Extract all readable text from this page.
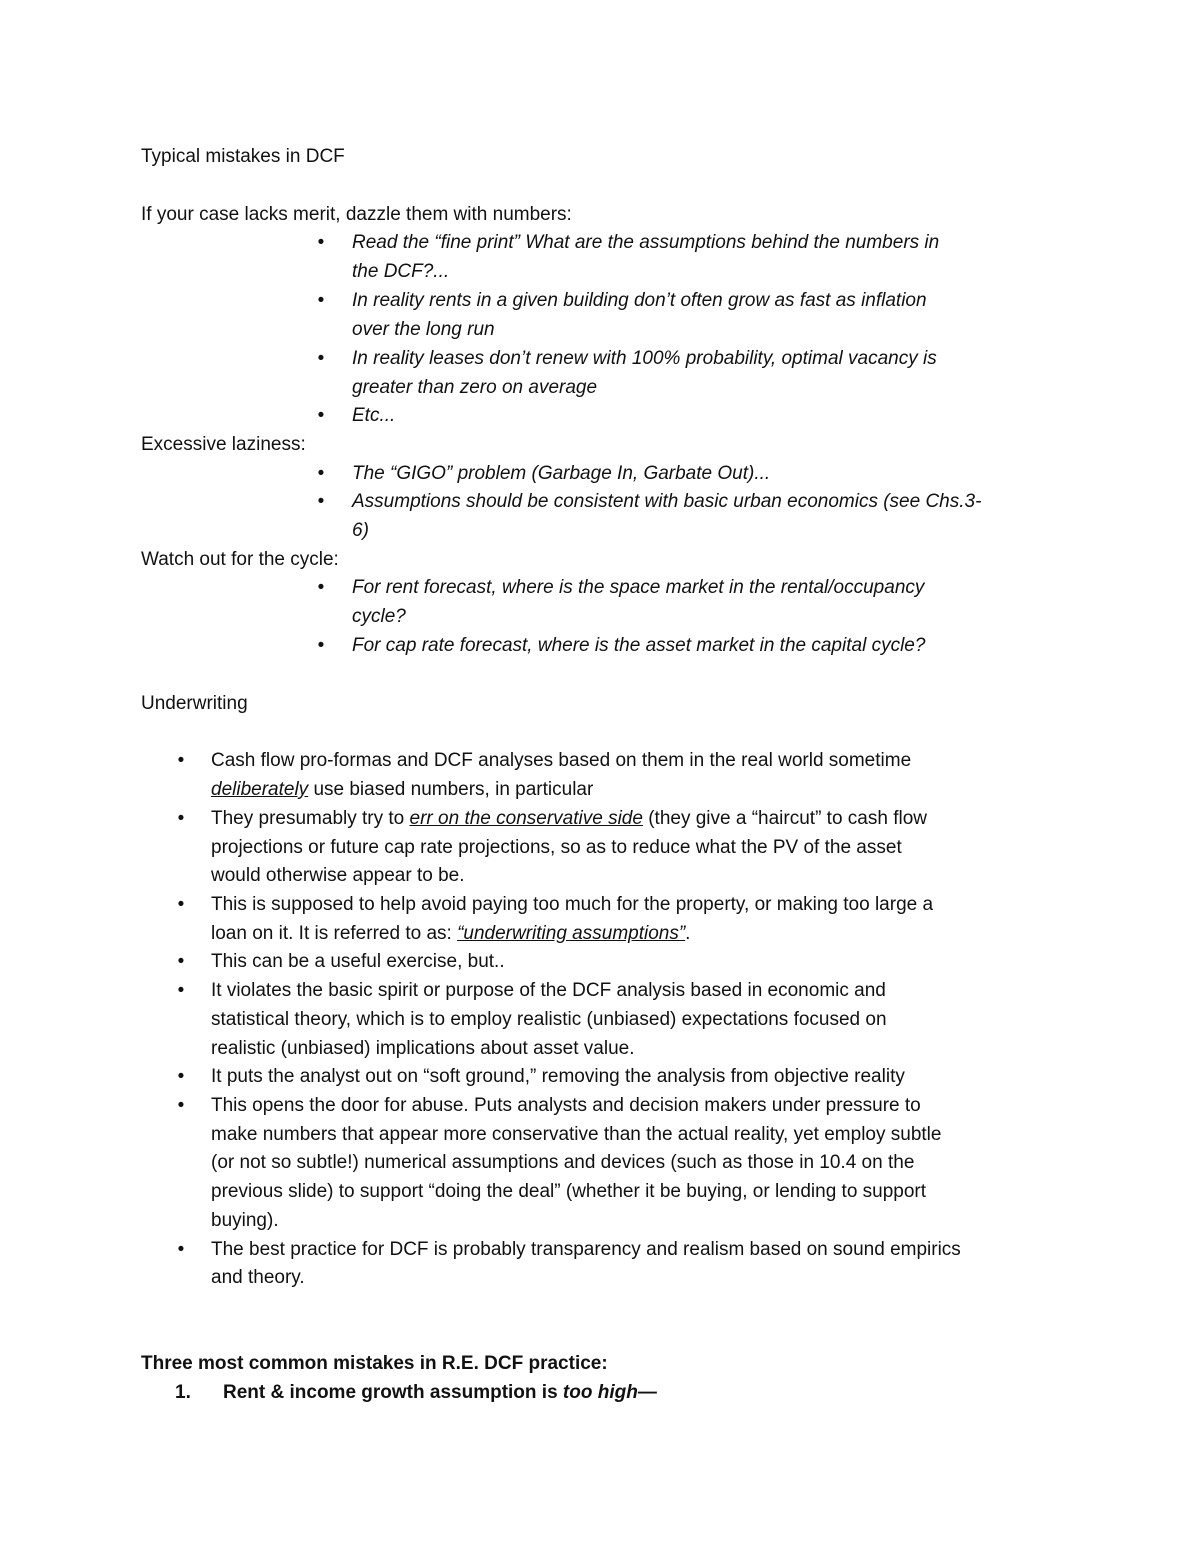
Typical mistakes in DCF
If your case lacks merit, dazzle them with numbers:
• Read the “fine print” What are the assumptions behind the numbers in
the DCF?...
• In reality rents in a given building don’t often grow as fast as inflation
over the long run
• In reality leases don’t renew with 100% probability, optimal vacancy is
greater than zero on average
• Etc...
Excessive laziness:
• The “GIGO” problem (Garbage In, Garbate Out)...
• Assumptions should be consistent with basic urban economics (see Chs.3-
6)
Watch out for the cycle:
• For rent forecast, where is the space market in the rental/occupancy
cycle?
• For cap rate forecast, where is the asset market in the capital cycle?
Underwriting
• Cash flow pro-formas and DCF analyses based on them in the real world sometime
deliberately use biased numbers, in particular
• They presumably try to err on the conservative side (they give a “haircut” to cash flow
projections or future cap rate projections, so as to reduce what the PV of the asset
would otherwise appear to be.
• This is supposed to help avoid paying too much for the property, or making too large a
loan on it. It is referred to as: “underwriting assumptions”.
• This can be a useful exercise, but..
• It violates the basic spirit or purpose of the DCF analysis based in economic and
statistical theory, which is to employ realistic (unbiased) expectations focused on
realistic (unbiased) implications about asset value.
• It puts the analyst out on “soft ground,” removing the analysis from objective reality
• This opens the door for abuse. Puts analysts and decision makers under pressure to
make numbers that appear more conservative than the actual reality, yet employ subtle
(or not so subtle!) numerical assumptions and devices (such as those in 10.4 on the
previous slide) to support “doing the deal” (whether it be buying, or lending to support
buying).
• The best practice for DCF is probably transparency and realism based on sound empirics
and theory.
Three most common mistakes in R.E. DCF practice:
1. Rent & income growth assumption is too high—
